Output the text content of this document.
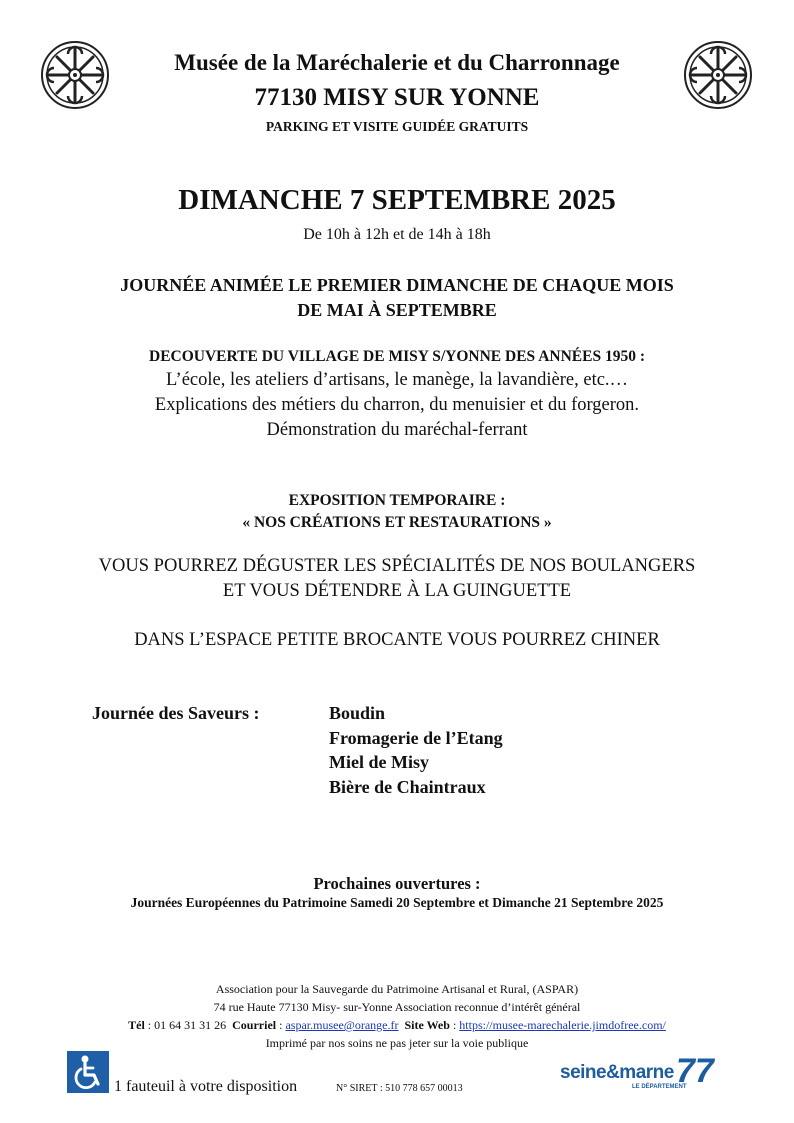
Musée de la Maréchalerie et du Charronnage
77130 MISY SUR YONNE
PARKING ET VISITE GUIDÉE GRATUITS
DIMANCHE 7 SEPTEMBRE 2025
De 10h à 12h et de 14h à 18h
JOURNÉE ANIMÉE LE PREMIER DIMANCHE DE CHAQUE MOIS
DE MAI À SEPTEMBRE
DECOUVERTE DU VILLAGE DE MISY S/YONNE DES ANNÉES 1950 :
L’école, les ateliers d’artisans, le manège, la lavandière, etc.…
Explications des métiers du charron, du menuisier et du forgeron.
Démonstration du maréchal-ferrant
EXPOSITION TEMPORAIRE :
« NOS CRÉATIONS ET RESTAURATIONS »
VOUS POURREZ DÉGUSTER LES SPÉCIALITÉS DE NOS BOULANGERS
ET VOUS DÉTENDRE À LA GUINGUETTE
DANS L’ESPACE PETITE BROCANTE VOUS POURREZ CHINER
Journée des Saveurs :	Boudin
Fromagerie de l’Etang
Miel de Misy
Bière de Chaintraux
Prochaines ouvertures :
Journées Européennes du Patrimoine Samedi 20 Septembre et Dimanche 21 Septembre 2025
Association pour la Sauvegarde du Patrimoine Artisanal et Rural, (ASPAR)
74 rue Haute 77130 Misy- sur-Yonne Association reconnue d’intérêt général
Tél : 01 64 31 31 26  Courriel : aspar.musee@orange.fr Site Web : https://musee-marechalerie.jimdofree.com/
Imprimé par nos soins ne pas jeter sur la voie publique
1 fauteuil à votre disposition	N° SIRET : 510 778 657 00013
seine&marne 77
LE DÉPARTEMENT
